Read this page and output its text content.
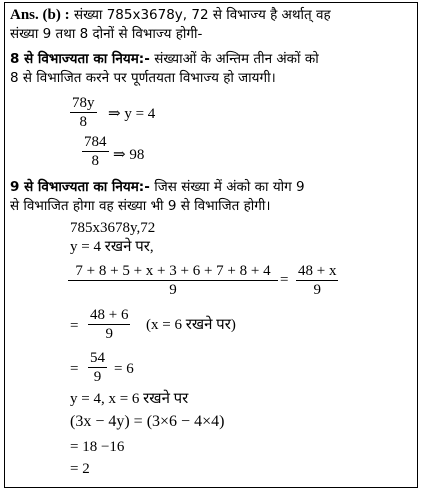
Ans. (b) : संख्या 785x3678y, 72 से विभाज्य है अर्थात् वह
संख्या 9 तथा 8 दोनों से विभाज्य होगी-
8 से विभाज्यता का नियम:- संख्याओं के अन्तिम तीन अंकों को
8 से विभाजित करने पर पूर्णतयता विभाज्य हो जायगी।
$\frac{78y}{8}$ ⇒ y = 4
$\frac{784}{8}$ ⇒ 98
9 से विभाज्यता का नियम:- जिस संख्या में अंको का योग 9
से विभाजित होगा वह संख्या भी 9 से विभाजित होगी।
785x3678y,72
y = 4 रखने पर,
$\frac{7 + 8 + 5 + x + 3 + 6 + 7 + 8 + 4}{9} = \frac{48 + x}{9}$
= $\frac{48 + 6}{9} (x = 6$ रखने पर)
= $\frac{54}{9} = 6$
y = 4, x = 6 रखने पर
(3x − 4y) = (3×6 − 4×4)
= 18 −16
= 2
